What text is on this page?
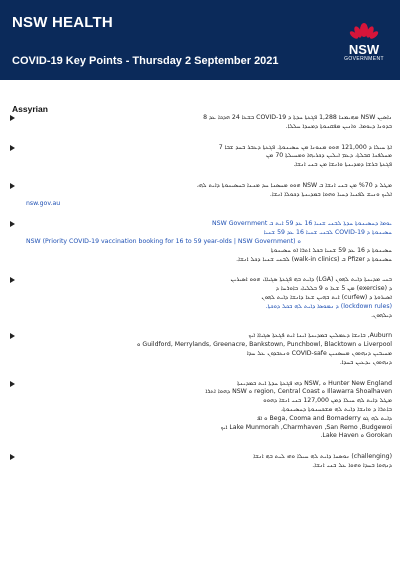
NSW HEALTH
COVID-19 Key Points - Thursday 2 September 2021
NSW
GOVERNMENT
Assyrian
ܢܐܣܝܼܢ NSW ܡܗܝܡܢܐ 1,288 ܦܓܥܬܐ ܚܕܬܐ ܕ COVID-19 ܒܫܥܐ 24 ܗܕܟܐ ܥܕ 8
ܒܕܘܢܐ ܕܝܘܡܐ. ܘܐܢܝܢ ܡܦܩܢܘܬܐ ܕܡܚܕܐ ܚܠܠܐ.
ܐܬܐ ܚܝܠܐ ܕ 121,000 ܗܘܘ ܡܢܘܢܐ ܡܢ ܚܣܝܢܘܬܐ. ܦܓܥܬܐ ܕܥܒܪ ܒܚܕ ܫܒܐ 7
ܡܚܠܦܢܐ ܩܒܠܬܐ، ܕܥܡ ܐܝܠܝܢ ܕܟܪܝܗܐ ܘܡܚܝܠܬܐ 70 ܡܢ
ܦܓܥܬܐ ܒܪܫܐ ܕܡܕܝܢܬܐ ܘܐܢܫܐ ܡܢ ܒܢܝ ܐܢܫܐ.
ܡܛܠ ܕ 70% ܡܢ ܒܢܝ ܐܢܫܐ ܒ NSW ܗܘܘ ܡܚܣܢܐ ܚܕ ܡܢܢܐ ܒܚܣܝܢܘܬܐ ܕܐܝܬ ܠܗ،
ܐܠܝܟ ܘܢܝܫ ܠܦܢܝܐ ܕܚܝܐ ܘܗܘܐ ܒܡܕܝܢܬܐ ܕܟܘܠܐ ܐܢܫܐ.
nsw.gov.au
ܝܘܡܐ ܕܚܣܝܢܘܬܐ ܚܕܬܐ ܠܒܢܝ ܫܢܝܐ 16 ܥܕ 59 ܐܝܬ ܒ NSW Government
ܚܣܝܢܘܬܐ ܕ COVID-19 ܠܒܢܝ ܫܢܝܐ 16 ܥܕ 59 ܫܢܝܐ
NSW (Priority COVID-19 vaccination booking for 16 to 59 year-olds | NSW Government) ܘ
ܚܣܝܢܘܬܐ ܕ 16 ܥܕ 59 ܫܢܝܐ ܒܟܠ ܐܬܪܐ ܐܘ ܚܣܝܢܘܬܐ
ܚܣܝܢܘܬܐ ܕ Pfizer ܒ (walk-in clinics) ܠܒܢܝ ܫܢܝܐ ܕܟܠ ܐܢܫܐ.
ܒܢܝ ܡܕܝܢܬܐ ܕܐܝܬ ܠܗܘܢ (LGA) ܕܐܝܬ ܒܗ ܦܓܥܬܐ ܣܓܝܐܐ، ܗܘܘ ܐܣܝܪܝܢ
ܕ (exercise) ܡܢ 5 ܫܥܐ ܘ 9 ܒܠܠܝܐ، ܒܐܘܪܚܐ ܕ
ܐܣܝܪܘܬܐ ܕ (curfew) ܐܝܬ ܒܗܝܢ ܫܥܐ ܕܐܢܫܐ ܕܐܝܬ ܠܗܘܢ
(lockdown rules) ܕ ܢܡܘܣܐ ܕܐܝܬ ܠܗ ܒܟܠ ܕܘܟܬܐ.
ܕܝܠܗܘܢ.
Auburn, ܒܐܢܫܐ ܕܥܡܠܝܢ ܒܡܕܝܢܬܐ ܐܝܢܐ ܐܝܬ ܦܓܥܬܐ ܣܓܝܐܐ ܐܝܟ
Liverpool ܘ Guildford, Merrylands, Greenacre, Bankstown, Punchbowl, Blacktown ܘ
ܡܚܝܒܝܢ ܕܢܗܘܘܢ ܡܚܣܢܝܢ COVID-safe ܘܢܥܒܕܘܢ ܥܠ ܚܕܐ
ܕܢܗܘܘܢ ܝܕܥܝܢ ܒܚܕܐ.
Hunter New England ܘ ,NSW ܕܗܝ ܦܓܥܬܐ ܚܕܬܐ ܐܝܬ ܒܡܕܝܢܬܐ
Illawarra Shoalhaven ܘ region, Central Coast ܘ NSW ܕܗܘܐ ܐܬܪܐ
ܡܛܠ ܕܐܝܬ ܠܗ ܚܝܠܐ ܕܡܢ 127,000 ܒܢܝ ܐܢܫܐ ܕܗܘܘ
ܒܐܬܪܐ ܕ ܘܐܢܫܐ ܕܐܝܬ ܠܗ ܡܫܟܚܢܘܬܐ ܕܚܣܝܢܘܬܐ،
ܕܐܝܬ ܠܗ ܓܘ Bega, Cooma and Bomaderry ܘ ܐܦ
Lake Munmorah ,Charmhaven ,San Remo ,Budgewoi ܐܝܟ
Gorokan ܘ Lake Haven.
(challenging) ܢܘܣܚܐ ܕܐܝܬ ܠܗ ܚܝܠܐ ܘܗܝ ܠܝܬ ܒܗ ܐܢܫܐ
ܕܢܗܘܐ ܒܚܕܐ ܘܗܘܐ ܥܠ ܒܢܝ ܐܢܫܐ.
